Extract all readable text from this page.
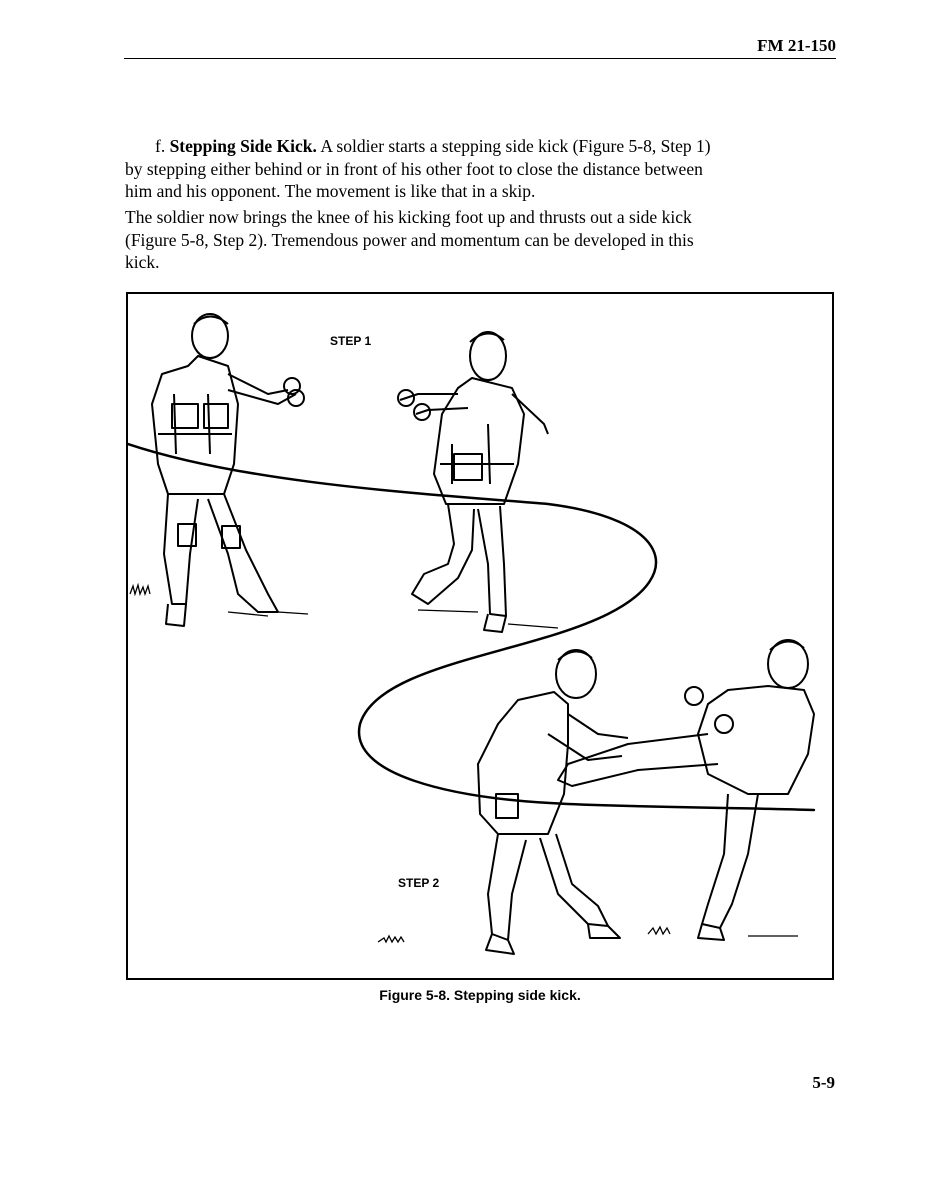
FM 21-150

f. Stepping Side Kick. A soldier starts a stepping side kick (Figure 5-8, Step 1) by stepping either behind or in front of his other foot to close the distance between him and his opponent. The movement is like that in a skip.

The soldier now brings the knee of his kicking foot up and thrusts out a side kick (Figure 5-8, Step 2). Tremendous power and momentum can be developed in this kick.

STEP 1
STEP 2
Figure 5-8. Stepping side kick.
5-9
